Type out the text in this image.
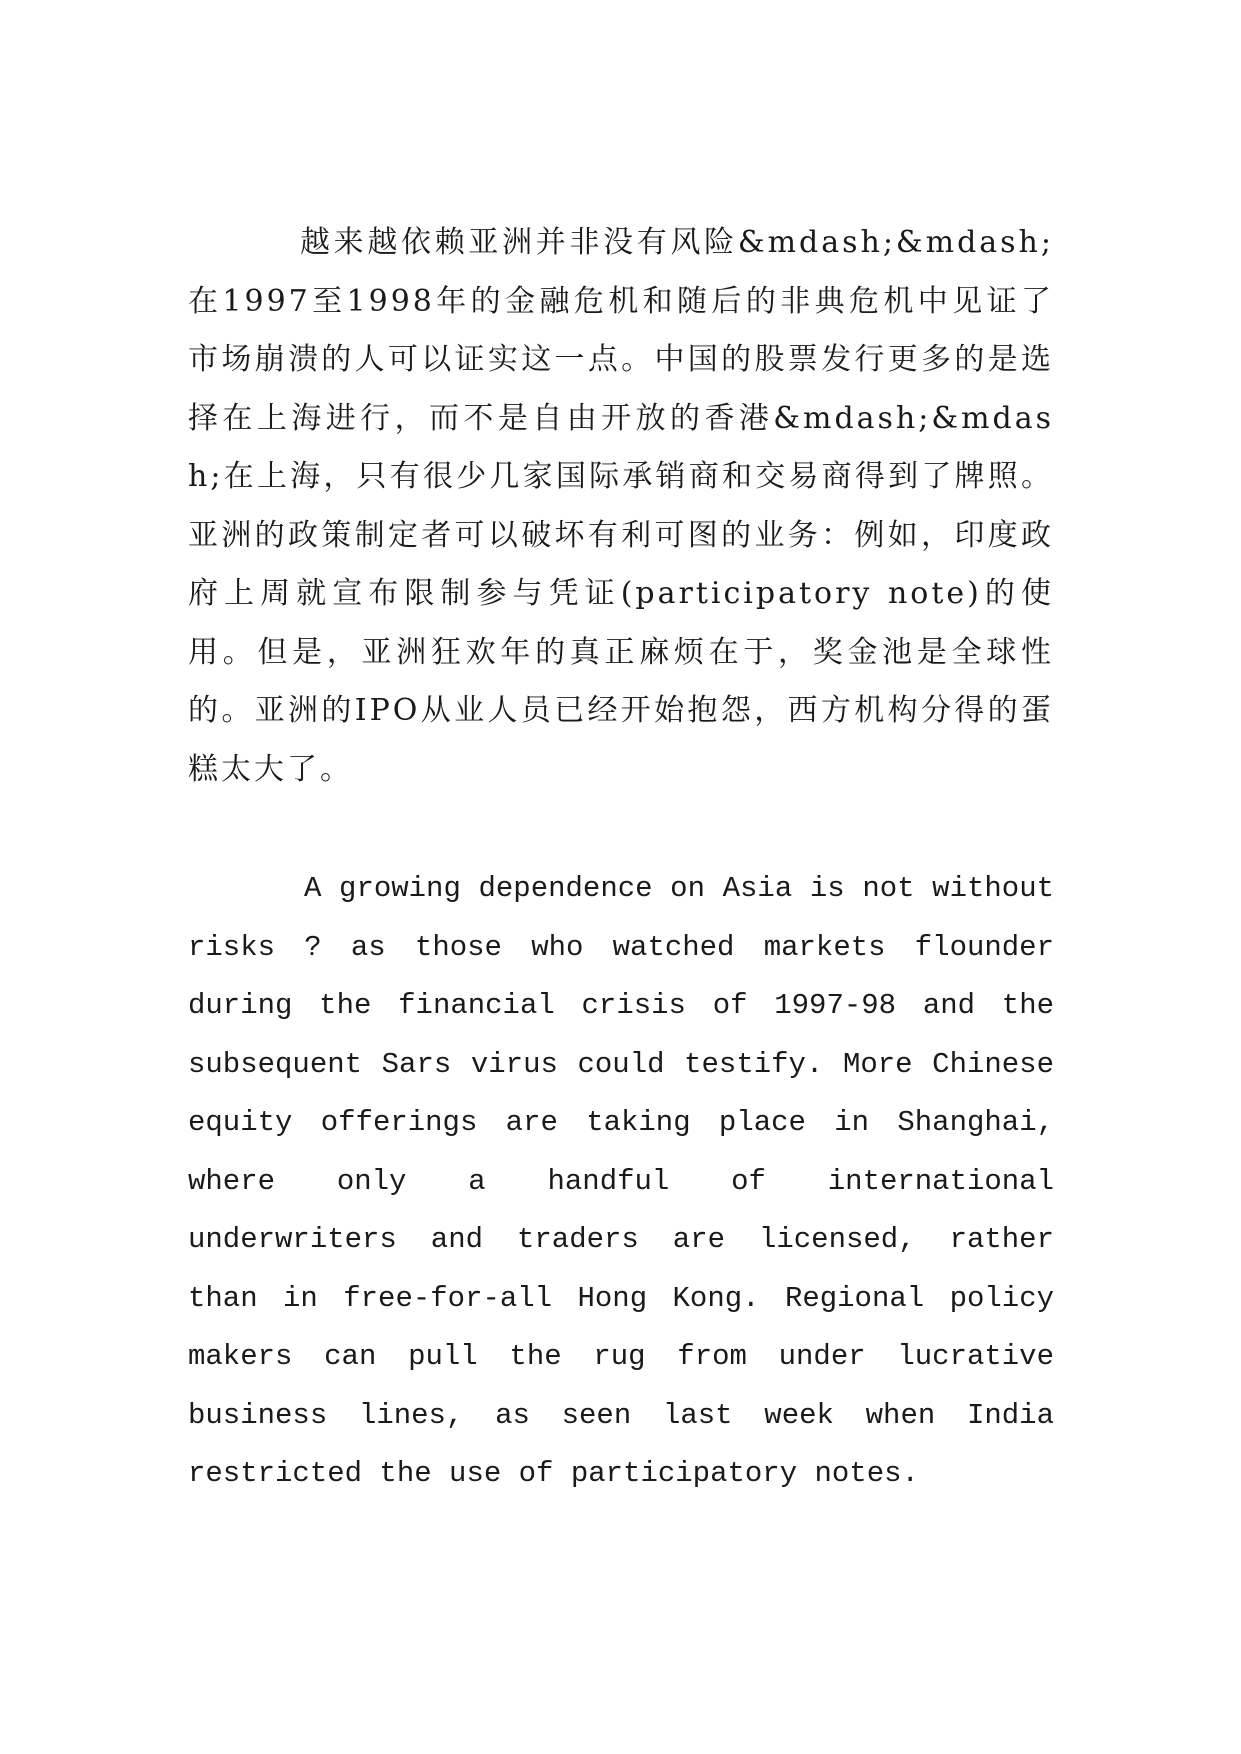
越来越依赖亚洲并非没有风险&mdash;&mdash;在1997至1998年的金融危机和随后的非典危机中见证了市场崩溃的人可以证实这一点。中国的股票发行更多的是选择在上海进行，而不是自由开放的香港&mdash;&mdash;在上海，只有很少几家国际承销商和交易商得到了牌照。亚洲的政策制定者可以破坏有利可图的业务：例如，印度政府上周就宣布限制参与凭证(participatory note)的使用。但是，亚洲狂欢年的真正麻烦在于，奖金池是全球性的。亚洲的IPO从业人员已经开始抱怨，西方机构分得的蛋糕太大了。

A growing dependence on Asia is not without risks ? as those who watched markets flounder during the financial crisis of 1997-98 and the subsequent Sars virus could testify. More Chinese equity offerings are taking place in Shanghai, where only a handful of international underwriters and traders are licensed, rather than in free-for-all Hong Kong. Regional policy makers can pull the rug from under lucrative business lines, as seen last week when India restricted the use of participatory notes.
